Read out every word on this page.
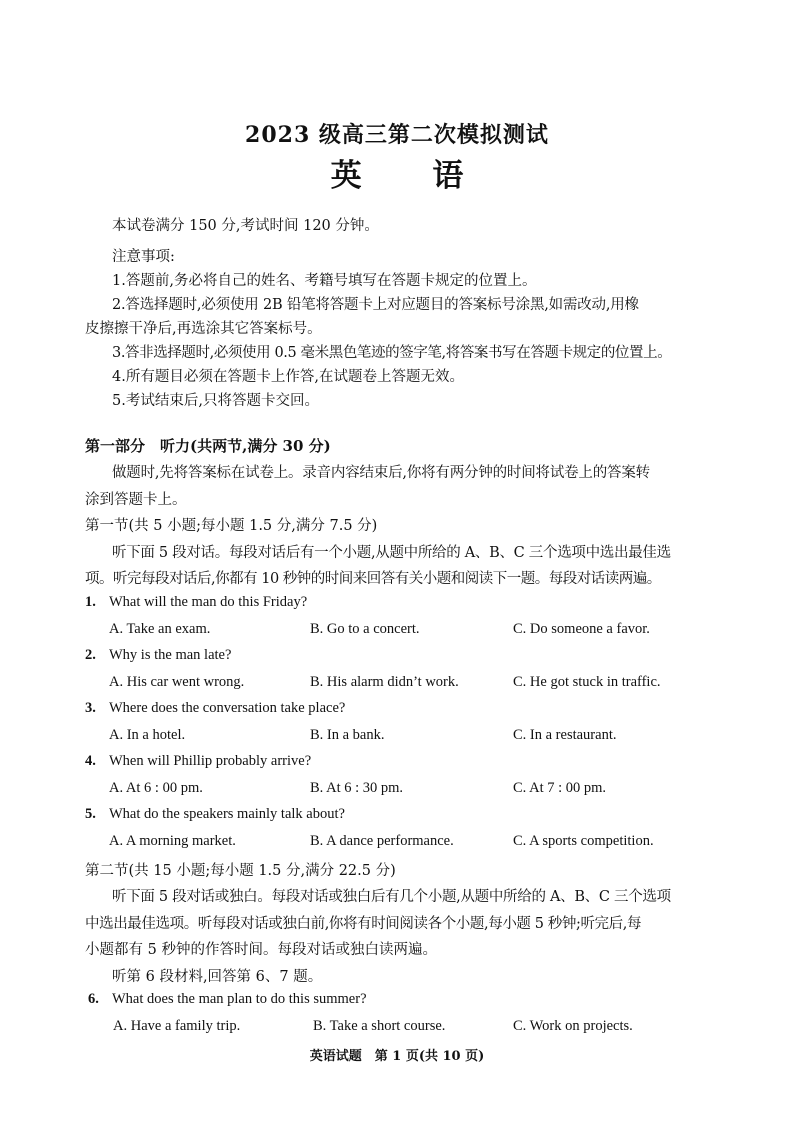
2023 级高三第二次模拟测试
英 语
本试卷满分 150 分,考试时间 120 分钟。
注意事项:
1.答题前,务必将自己的姓名、考籍号填写在答题卡规定的位置上。
2.答选择题时,必须使用 2B 铅笔将答题卡上对应题目的答案标号涂黑,如需改动,用橡
皮擦擦干净后,再选涂其它答案标号。
3.答非选择题时,必须使用 0.5 毫米黑色笔迹的签字笔,将答案书写在答题卡规定的位置上。
4.所有题目必须在答题卡上作答,在试题卷上答题无效。
5.考试结束后,只将答题卡交回。
第一部分　听力(共两节,满分 30 分)
做题时,先将答案标在试卷上。录音内容结束后,你将有两分钟的时间将试卷上的答案转
涂到答题卡上。
第一节(共 5 小题;每小题 1.5 分,满分 7.5 分)
听下面 5 段对话。每段对话后有一个小题,从题中所给的 A、B、C 三个选项中选出最佳选
项。听完每段对话后,你都有 10 秒钟的时间来回答有关小题和阅读下一题。每段对话读两遍。
1. What will the man do this Friday?
A. Take an exam.	B. Go to a concert.	C. Do someone a favor.
2. Why is the man late?
A. His car went wrong.	B. His alarm didn’t work.	C. He got stuck in traffic.
3. Where does the conversation take place?
A. In a hotel.	B. In a bank.	C. In a restaurant.
4. When will Phillip probably arrive?
A. At 6 : 00 pm.	B. At 6 : 30 pm.	C. At 7 : 00 pm.
5. What do the speakers mainly talk about?
A. A morning market.	B. A dance performance.	C. A sports competition.
第二节(共 15 小题;每小题 1.5 分,满分 22.5 分)
听下面 5 段对话或独白。每段对话或独白后有几个小题,从题中所给的 A、B、C 三个选项
中选出最佳选项。听每段对话或独白前,你将有时间阅读各个小题,每小题 5 秒钟;听完后,每
小题都有 5 秒钟的作答时间。每段对话或独白读两遍。
听第 6 段材料,回答第 6、7 题。
6. What does the man plan to do this summer?
A. Have a family trip.	B. Take a short course.	C. Work on projects.
英语试题　第 1 页(共 10 页)
